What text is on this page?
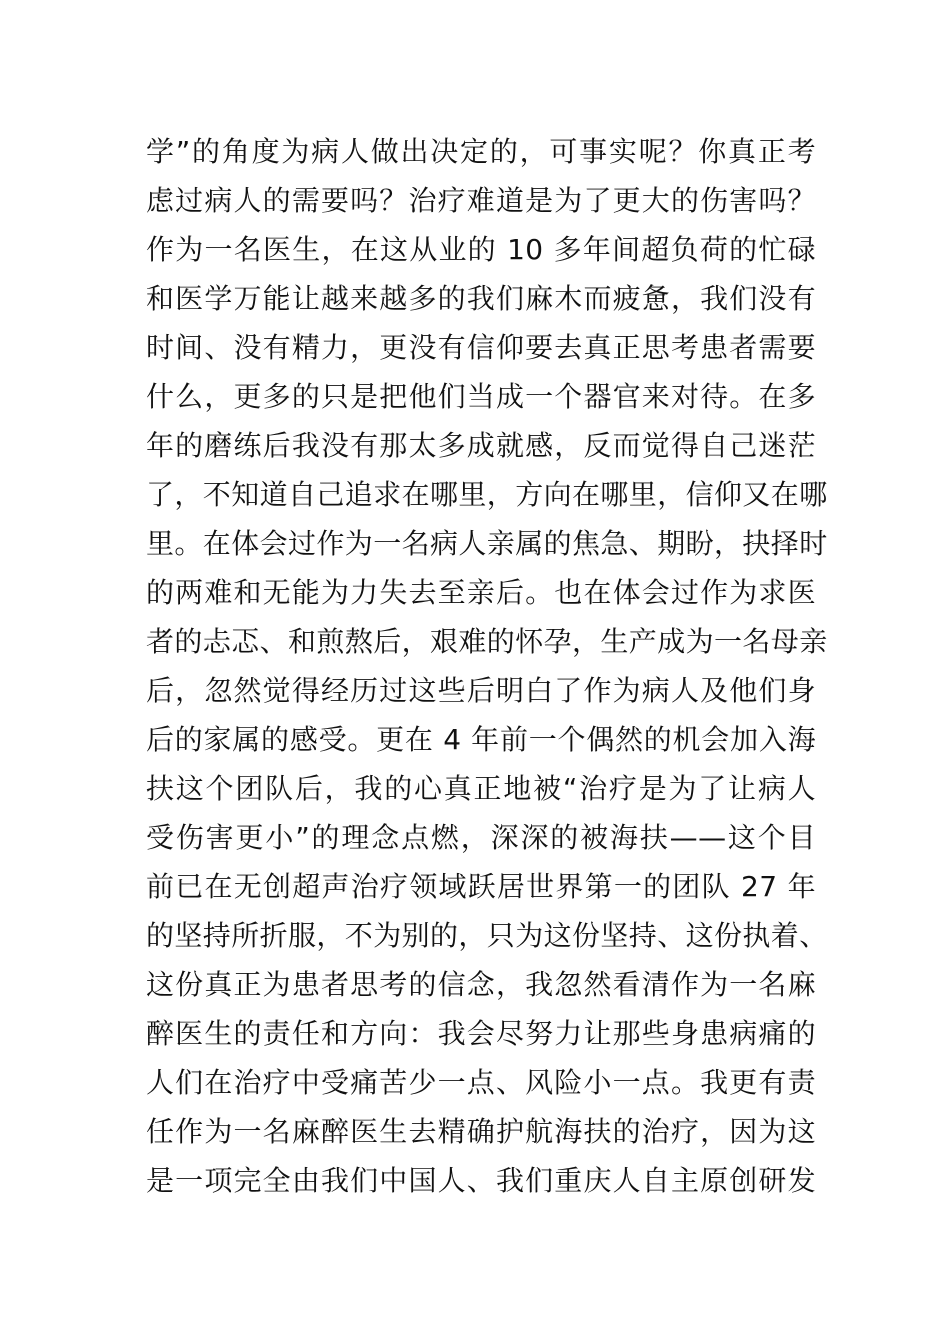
学”的角度为病人做出决定的，可事实呢？你真正考
虑过病人的需要吗？治疗难道是为了更大的伤害吗？
作为一名医生，在这从业的 10 多年间超负荷的忙碌
和医学万能让越来越多的我们麻木而疲惫，我们没有
时间、没有精力，更没有信仰要去真正思考患者需要
什么，更多的只是把他们当成一个器官来对待。在多
年的磨练后我没有那太多成就感，反而觉得自己迷茫
了，不知道自己追求在哪里，方向在哪里，信仰又在哪
里。在体会过作为一名病人亲属的焦急、期盼，抉择时
的两难和无能为力失去至亲后。也在体会过作为求医
者的忐忑、和煎熬后，艰难的怀孕，生产成为一名母亲
后，忽然觉得经历过这些后明白了作为病人及他们身
后的家属的感受。更在 4 年前一个偶然的机会加入海
扶这个团队后，我的心真正地被“治疗是为了让病人
受伤害更小”的理念点燃，深深的被海扶——这个目
前已在无创超声治疗领域跃居世界第一的团队 27 年
的坚持所折服，不为别的，只为这份坚持、这份执着、
这份真正为患者思考的信念，我忽然看清作为一名麻
醉医生的责任和方向：我会尽努力让那些身患病痛的
人们在治疗中受痛苦少一点、风险小一点。我更有责
任作为一名麻醉医生去精确护航海扶的治疗，因为这
是一项完全由我们中国人、我们重庆人自主原创研发
